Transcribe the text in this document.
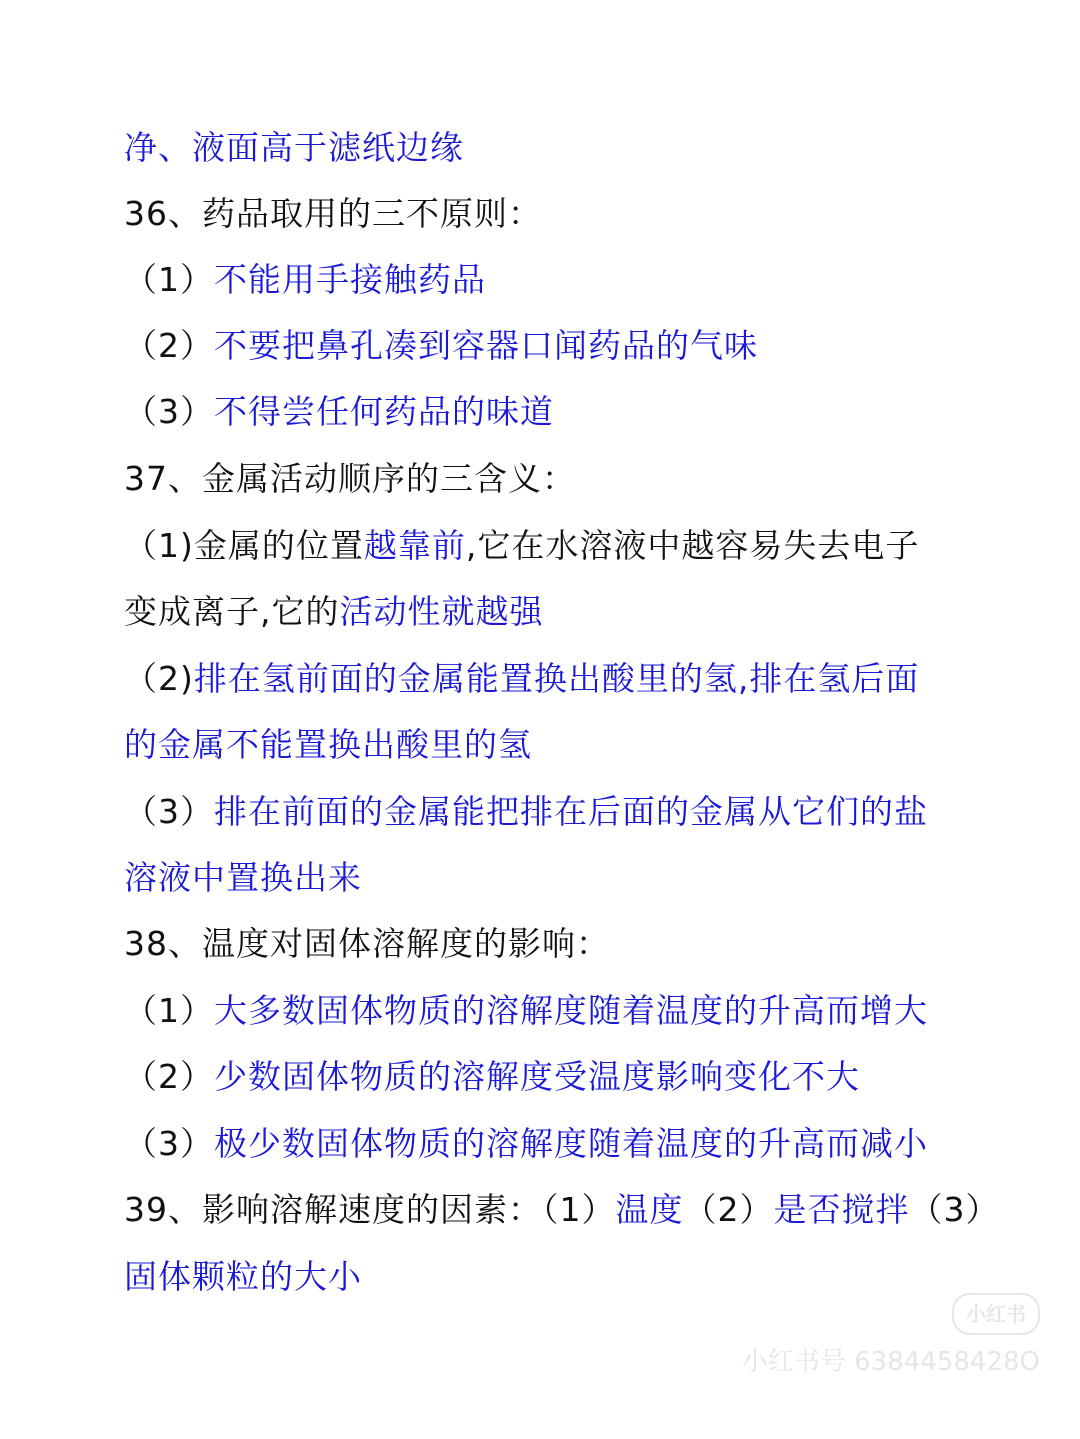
净、液面高于滤纸边缘
36、药品取用的三不原则：
（1）不能用手接触药品
（2）不要把鼻孔凑到容器口闻药品的气味
（3）不得尝任何药品的味道
37、金属活动顺序的三含义：
（1)金属的位置越靠前,它在水溶液中越容易失去电子
变成离子,它的活动性就越强
（2)排在氢前面的金属能置换出酸里的氢,排在氢后面
的金属不能置换出酸里的氢
（3）排在前面的金属能把排在后面的金属从它们的盐
溶液中置换出来
38、温度对固体溶解度的影响：
（1）大多数固体物质的溶解度随着温度的升高而增大
（2）少数固体物质的溶解度受温度影响变化不大
（3）极少数固体物质的溶解度随着温度的升高而减小
39、影响溶解速度的因素：（1）温度（2）是否搅拌（3）
固体颗粒的大小
小红书
小红书号 6384458428O
